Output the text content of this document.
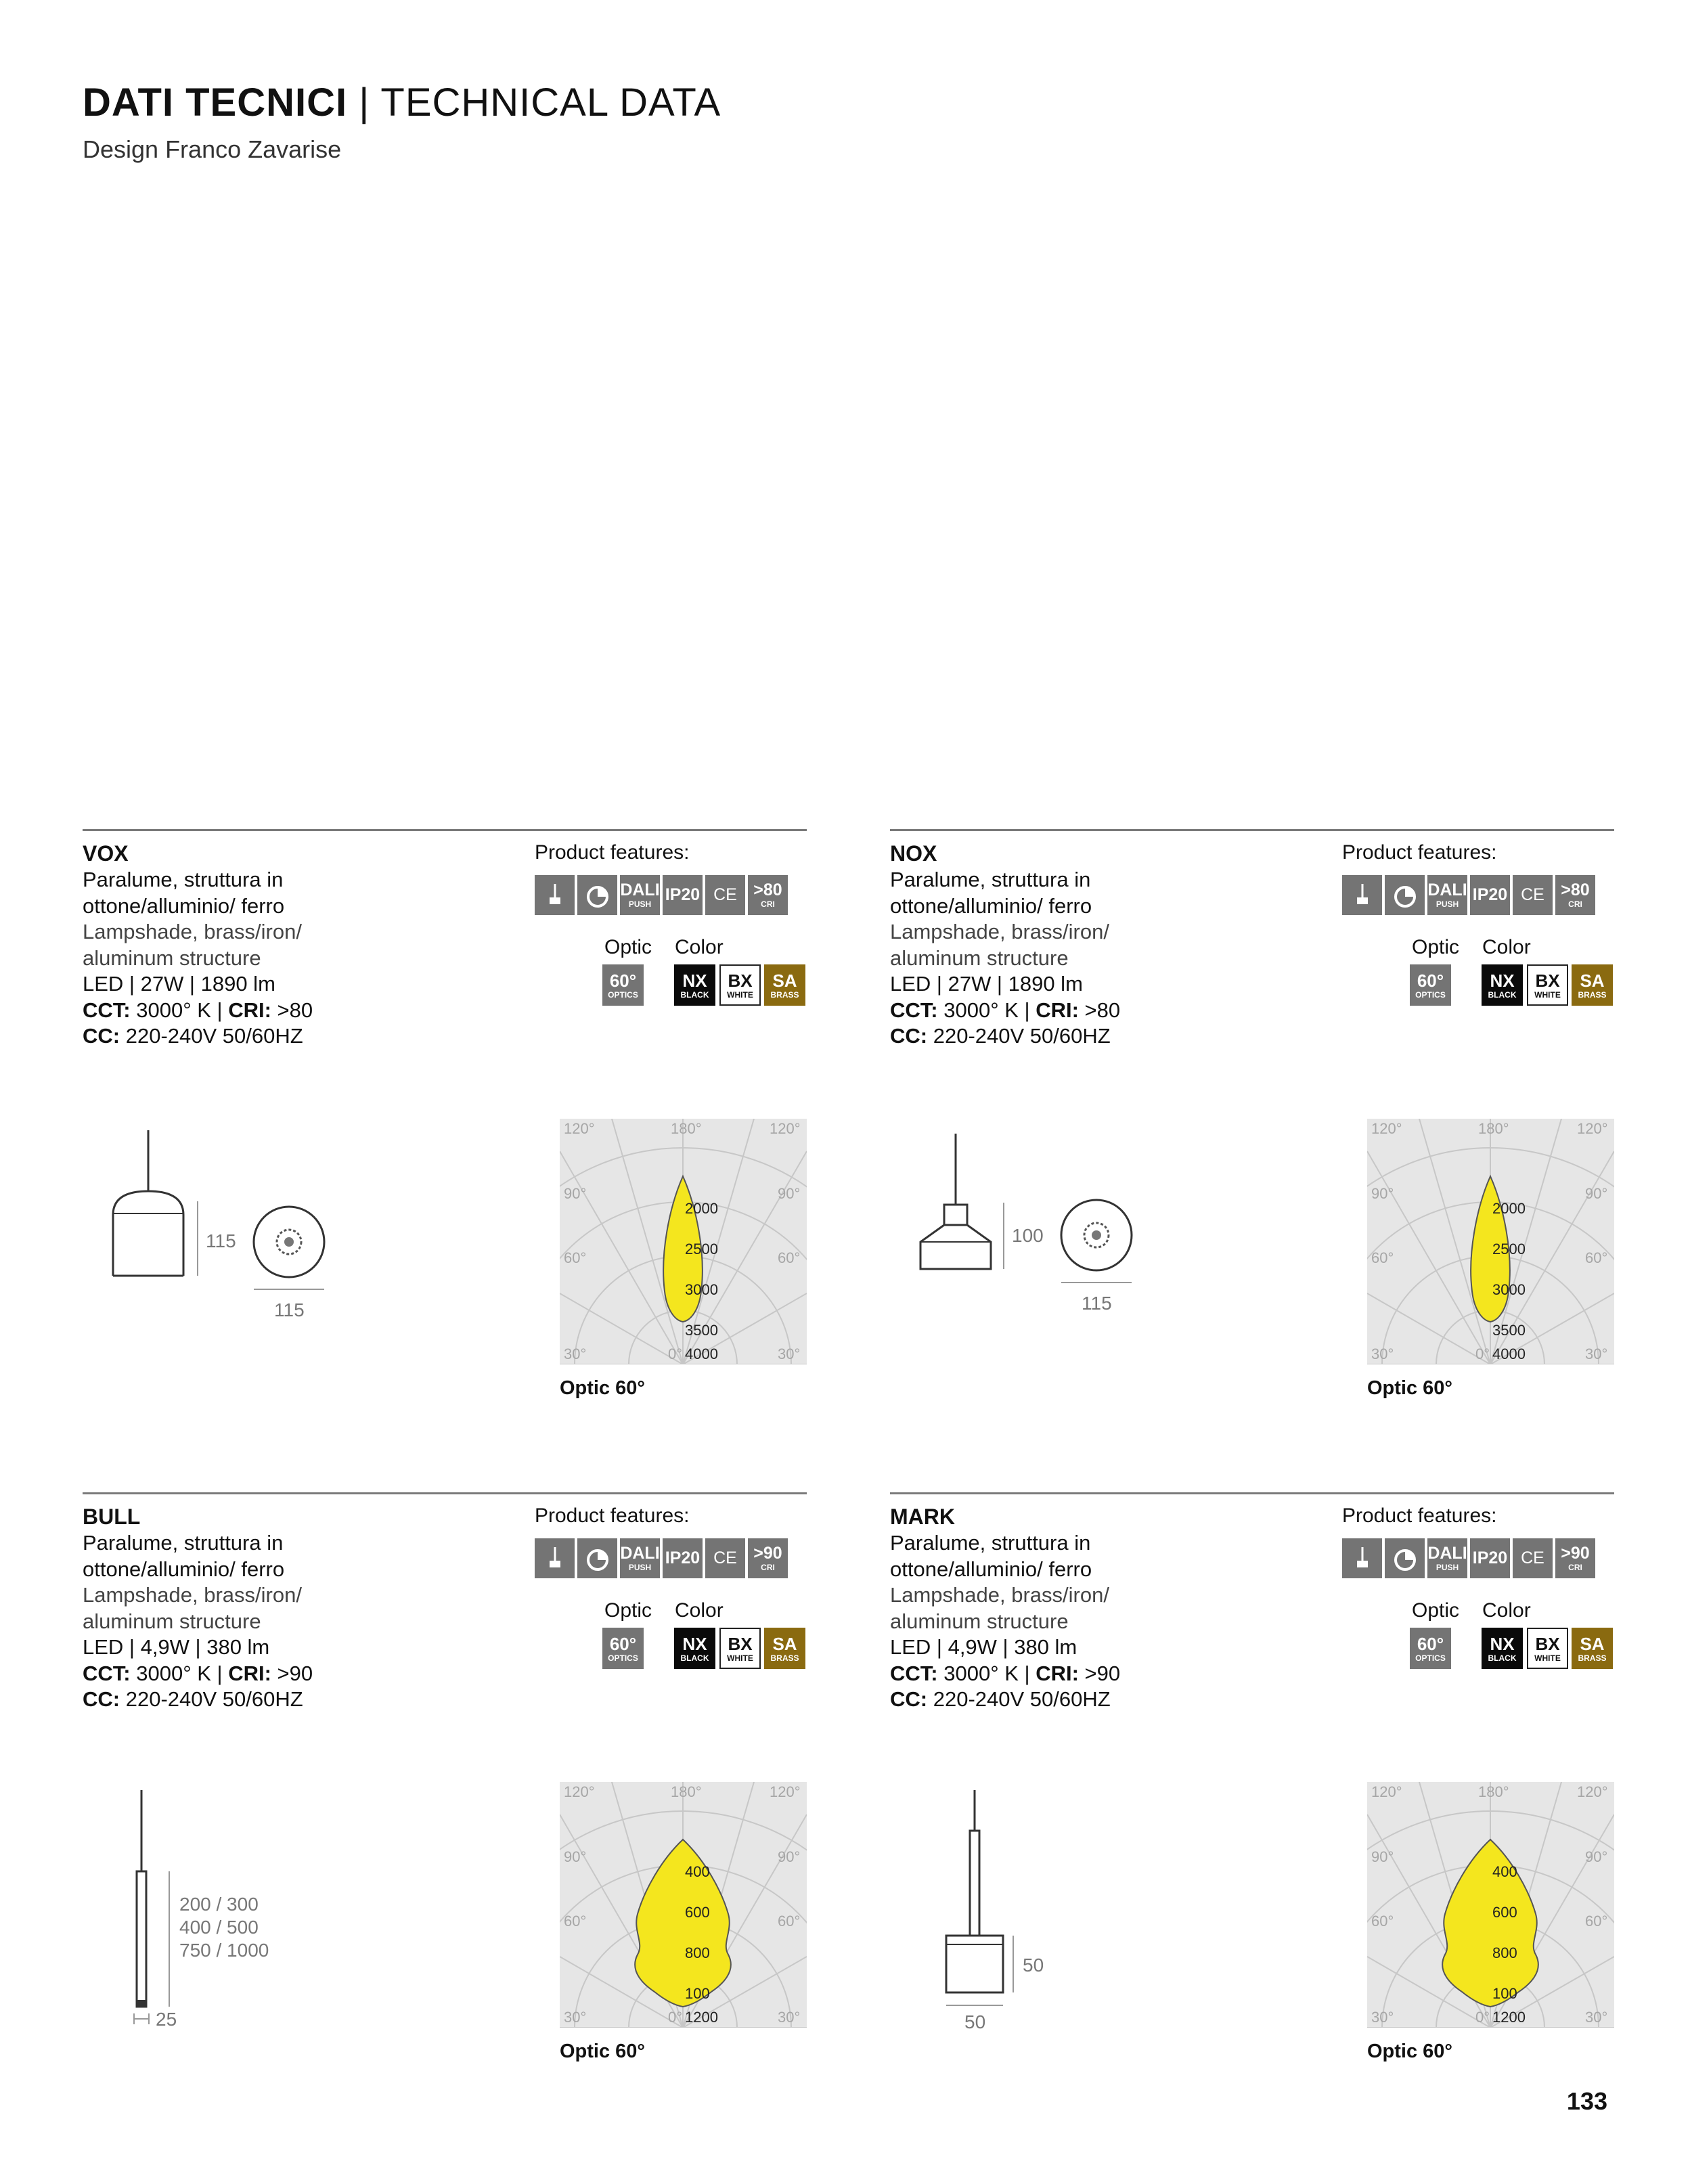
DATI TECNICI | TECHNICAL DATA
Design Franco Zavarise
VOX
Paralume, struttura in
ottone/alluminio/ ferro
Lampshade, brass/iron/
aluminum structure
LED | 27W | 1890 lm
CCT: 3000° K | CRI: >80
CC: 220-240V 50/60HZ
Product features:
DALI
PUSH IP20 CE >80
CRI
Optic Color
60°
OPTICS
NX
BLACK
BX
WHITE
SA
BRASS
115
115
120°	180°	120°
90°	90°
60°	60°
30°	0°	30°
2000
2500
3000
3500
4000
Optic 60°
NOX
Paralume, struttura in
ottone/alluminio/ ferro
Lampshade, brass/iron/
aluminum structure
LED | 27W | 1890 lm
CCT: 3000° K | CRI: >80
CC: 220-240V 50/60HZ
Product features:
DALI
PUSH IP20 CE >80
CRI
Optic Color
60°
OPTICS
NX
BLACK
BX
WHITE
SA
BRASS
100
115
120°	180°	120°
90°	90°
60°	60°
30°	0°	30°
2000
2500
3000
3500
4000
Optic 60°
BULL
Paralume, struttura in
ottone/alluminio/ ferro
Lampshade, brass/iron/
aluminum structure
LED | 4,9W | 380 lm
CCT: 3000° K | CRI: >90
CC: 220-240V 50/60HZ
Product features:
DALI
PUSH IP20 CE >90
CRI
Optic Color
60°
OPTICS
NX
BLACK
BX
WHITE
SA
BRASS
200 / 300
400 / 500
750 / 1000
25
120°	180°	120°
90°	90°
60°	60°
30°	0°	30°
400
600
800
100
1200
Optic 60°
MARK
Paralume, struttura in
ottone/alluminio/ ferro
Lampshade, brass/iron/
aluminum structure
LED | 4,9W | 380 lm
CCT: 3000° K | CRI: >90
CC: 220-240V 50/60HZ
Product features:
DALI
PUSH IP20 CE >90
CRI
Optic Color
60°
OPTICS
NX
BLACK
BX
WHITE
SA
BRASS
50
50
120°	180°	120°
90°	90°
60°	60°
30°	0°	30°
400
600
800
100
1200
Optic 60°
133
